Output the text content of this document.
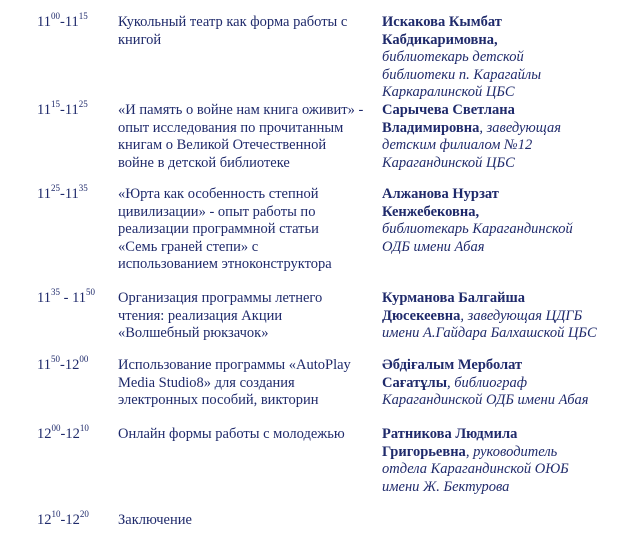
$11^{00}-11^{15}$ Кукольный театр как форма работы с
книгой
Искакова Кымбат
Кабдикаримовна,
библиотекарь детской
библиотеки п. Карагайлы
Каркаралинской ЦБС
$11^{15}-11^{25}$ «И память о войне нам книга оживит» -
опыт исследования по прочитанным
книгам о Великой Отечественной
войне в детской библиотеке
Сарычева Светлана
Владимировна, заведующая
детским филиалом №12
Карагандинской ЦБС
$11^{25}-11^{35}$ «Юрта как особенность степной
цивилизации» - опыт работы по
реализации программной статьи
«Семь граней степи» с
использованием этноконструктора
Алжанова Нурзат
Кенжебековна,
библиотекарь Карагандинской
ОДБ имени Абая
$11^{35} - 11^{50}$ Организация программы летнего
чтения: реализация Акции
«Волшебный рюкзачок»
Курманова Балгайша
Дюсекеевна, заведующая ЦДГБ
имени А.Гайдара Балхашской ЦБС
$11^{50}-12^{00}$ Использование программы «AutoPlay
Media Studio8» для создания
электронных пособий, викторин
Әбдіғалым Мерболат
Сағатұлы, библиограф
Карагандинской ОДБ имени Абая
$12^{00}-12^{10}$ Онлайн формы работы с молодежью	Ратникова Людмила
Григорьевна, руководитель
отдела Карагандинской ОЮБ
имени Ж. Бектурова
$12^{10}-12^{20}$ Заключение
